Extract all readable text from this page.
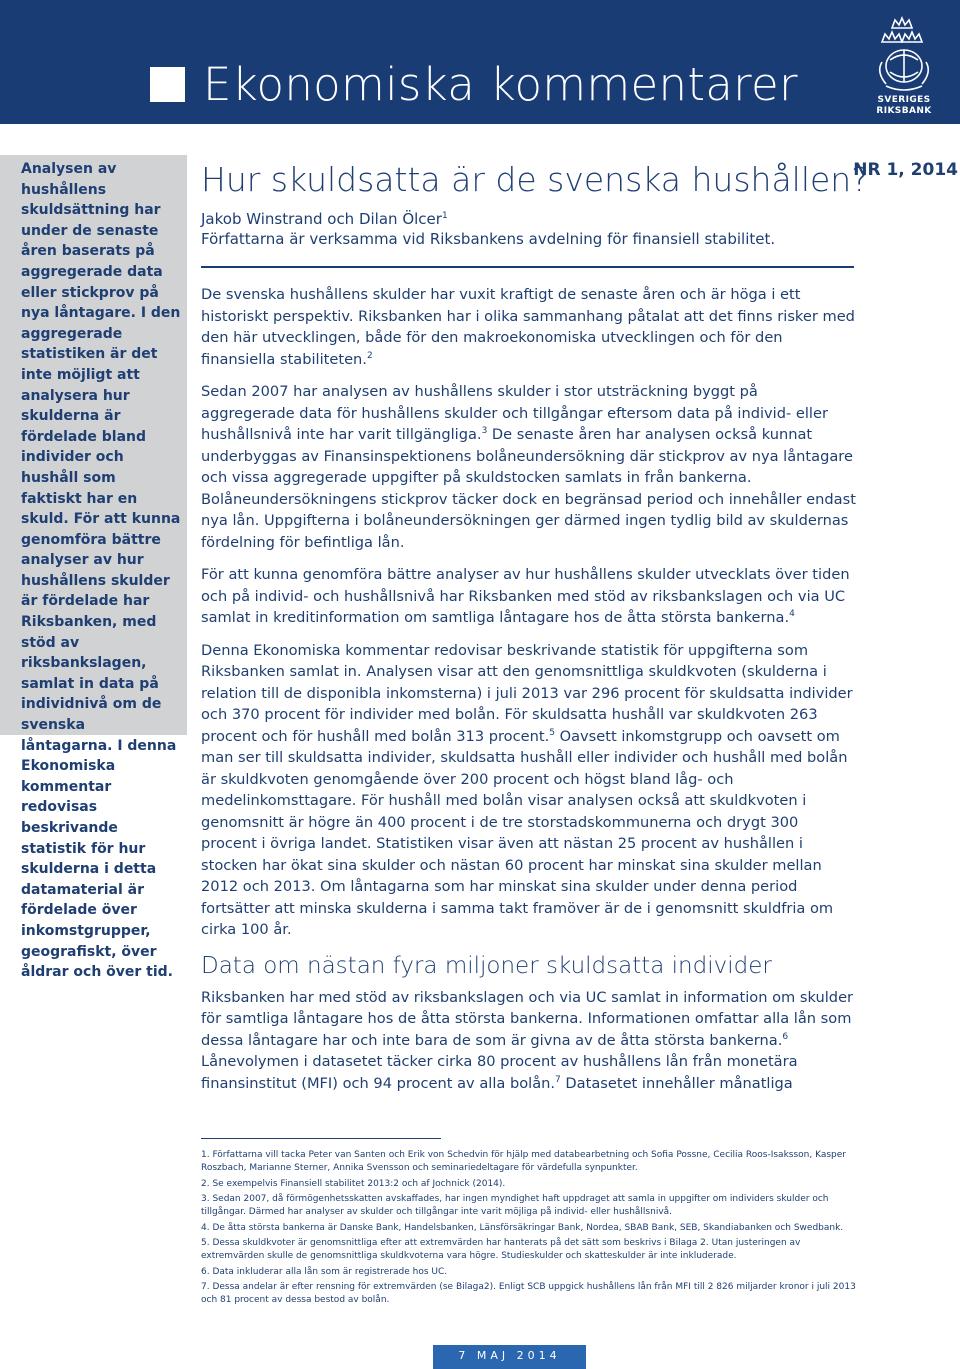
Ekonomiska kommentarer	SVERIGES
RIKSBANK

Analysen av hushållens skuldsättning har under de senaste åren baserats på aggregerade data eller stickprov på nya låntagare. I den aggregerade statistiken är det inte möjligt att analysera hur skulderna är fördelade bland individer och hushåll som faktiskt har en skuld. För att kunna genomföra bättre analyser av hur hushållens skulder är fördelade har Riksbanken, med stöd av riksbankslagen, samlat in data på individnivå om de svenska låntagarna. I denna Ekonomiska kommentar redovisas beskrivande statistik för hur skulderna i detta datamaterial är fördelade över inkomstgrupper, geografiskt, över åldrar och över tid.

NR 1, 2014
Hur skuldsatta är de svenska hushållen?
Jakob Winstrand och Dilan Ölcer$^1$
Författarna är verksamma vid Riksbankens avdelning för finansiell stabilitet.

De svenska hushållens skulder har vuxit kraftigt de senaste åren och är höga i ett historiskt perspektiv. Riksbanken har i olika sammanhang påtalat att det finns risker med den här utvecklingen, både för den makroekonomiska utvecklingen och för den finansiella stabiliteten.$^2$

Sedan 2007 har analysen av hushållens skulder i stor utsträckning byggt på aggregerade data för hushållens skulder och tillgångar eftersom data på individ- eller hushållsnivå inte har varit tillgängliga.$^3$ De senaste åren har analysen också kunnat underbyggas av Finansinspektionens bolåneundersökning där stickprov av nya låntagare och vissa aggregerade uppgifter på skuldstocken samlats in från bankerna. Bolåneundersökningens stickprov täcker dock en begränsad period och innehåller endast nya lån. Uppgifterna i bolåneundersökningen ger därmed ingen tydlig bild av skuldernas fördelning för befintliga lån.

För att kunna genomföra bättre analyser av hur hushållens skulder utvecklats över tiden och på individ- och hushållsnivå har Riksbanken med stöd av riksbankslagen och via UC samlat in kreditinformation om samtliga låntagare hos de åtta största bankerna.$^4$

Denna Ekonomiska kommentar redovisar beskrivande statistik för uppgifterna som Riksbanken samlat in. Analysen visar att den genomsnittliga skuldkvoten (skulderna i relation till de disponibla inkomsterna) i juli 2013 var 296 procent för skuldsatta individer och 370 procent för individer med bolån. För skuldsatta hushåll var skuldkvoten 263 procent och för hushåll med bolån 313 procent.$^5$ Oavsett inkomstgrupp och oavsett om man ser till skuldsatta individer, skuldsatta hushåll eller individer och hushåll med bolån är skuldkvoten genomgående över 200 procent och högst bland låg- och medelinkomsttagare. För hushåll med bolån visar analysen också att skuldkvoten i genomsnitt är högre än 400 procent i de tre storstadskommunerna och drygt 300 procent i övriga landet. Statistiken visar även att nästan 25 procent av hushållen i stocken har ökat sina skulder och nästan 60 procent har minskat sina skulder mellan 2012 och 2013. Om låntagarna som har minskat sina skulder under denna period fortsätter att minska skulderna i samma takt framöver är de i genomsnitt skuldfria om cirka 100 år.

Data om nästan fyra miljoner skuldsatta individer

Riksbanken har med stöd av riksbankslagen och via UC samlat in information om skulder för samtliga låntagare hos de åtta största bankerna. Informationen omfattar alla lån som dessa låntagare har och inte bara de som är givna av de åtta största bankerna.$^6$ Lånevolymen i datasetet täcker cirka 80 procent av hushållens lån från monetära finansinstitut (MFI) och 94 procent av alla bolån.$^7$ Datasetet innehåller månatliga

1. Författarna vill tacka Peter van Santen och Erik von Schedvin för hjälp med databearbetning och Sofia Possne, Cecilia Roos-Isaksson, Kasper Roszbach, Marianne Sterner, Annika Svensson och seminariedeltagare för värdefulla synpunkter.

2. Se exempelvis Finansiell stabilitet 2013:2 och af Jochnick (2014).

3. Sedan 2007, då förmögenhetsskatten avskaffades, har ingen myndighet haft uppdraget att samla in uppgifter om individers skulder och tillgångar. Därmed har analyser av skulder och tillgångar inte varit möjliga på individ- eller hushållsnivå.

4. De åtta största bankerna är Danske Bank, Handelsbanken, Länsförsäkringar Bank, Nordea, SBAB Bank, SEB, Skandiabanken och Swedbank.

5. Dessa skuldkvoter är genomsnittliga efter att extremvärden har hanterats på det sätt som beskrivs i Bilaga 2. Utan justeringen av extremvärden skulle de genomsnittliga skuldkvoterna vara högre. Studieskulder och skatteskulder är inte inkluderade.

6. Data inkluderar alla lån som är registrerade hos UC.

7. Dessa andelar är efter rensning för extremvärden (se Bilaga2). Enligt SCB uppgick hushållens lån från MFI till 2 826 miljarder kronor i juli 2013 och 81 procent av dessa bestod av bolån.

7 MAJ 2014
